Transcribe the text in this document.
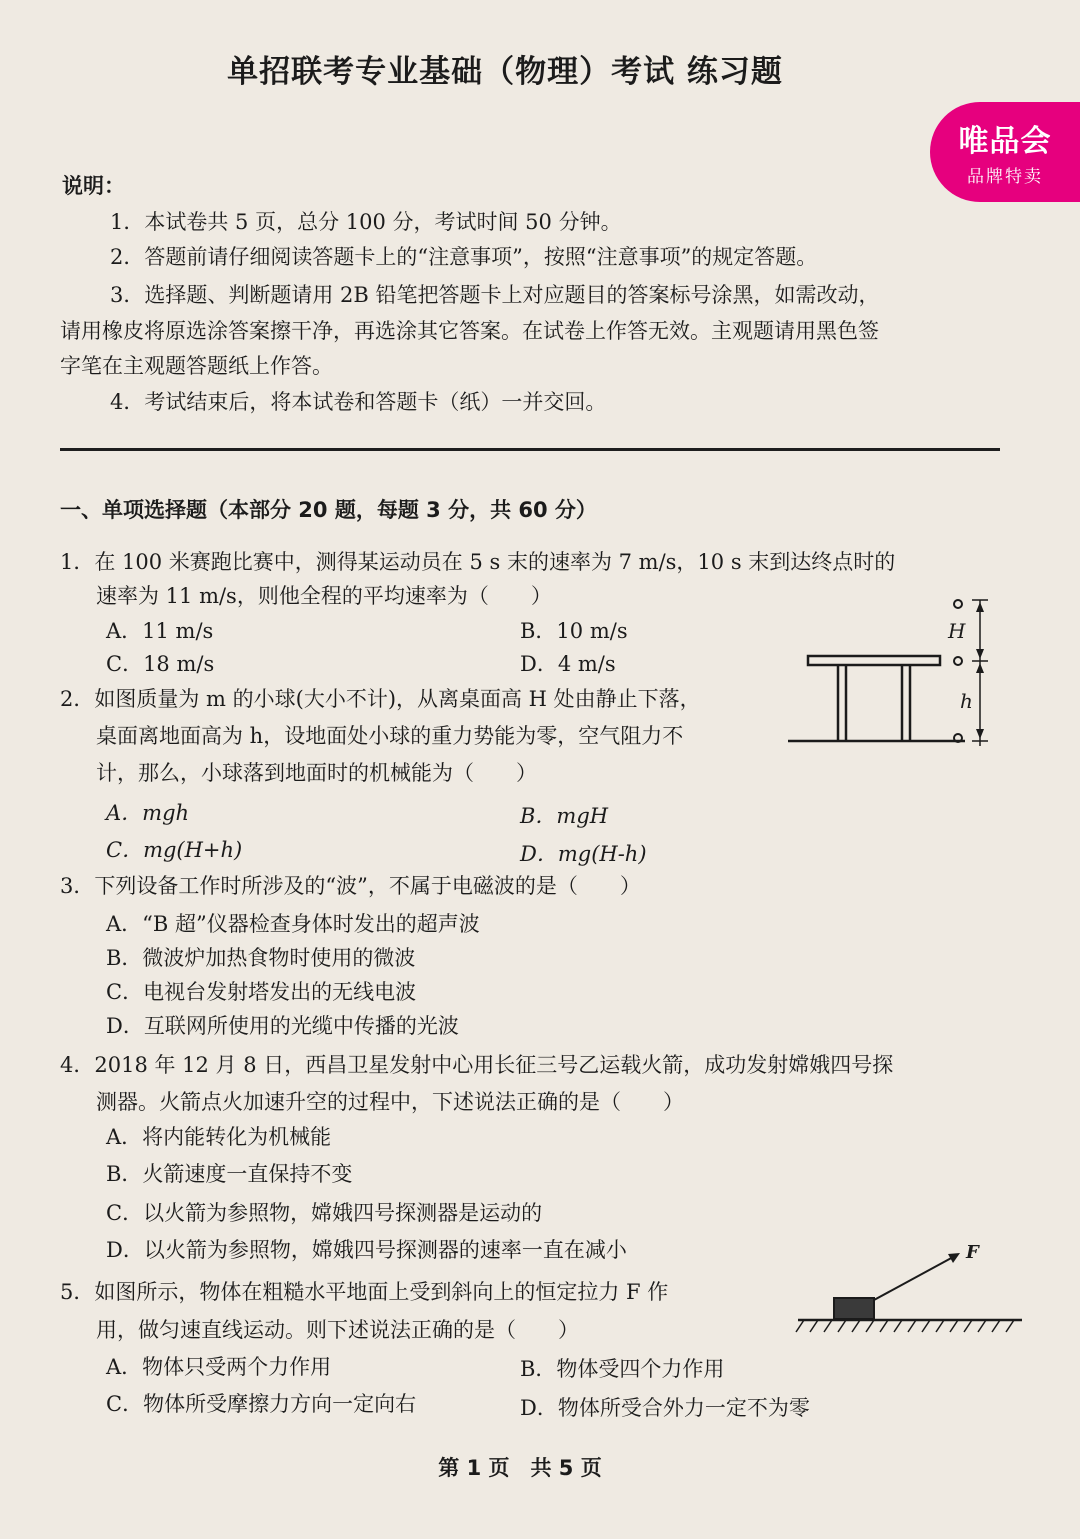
单招联考专业基础（物理）考试 练习题
唯品会
品牌特卖
说明：
1．本试卷共 5 页，总分 100 分，考试时间 50 分钟。
2．答题前请仔细阅读答题卡上的“注意事项”，按照“注意事项”的规定答题。
3．选择题、判断题请用 2B 铅笔把答题卡上对应题目的答案标号涂黑，如需改动，
请用橡皮将原选涂答案擦干净，再选涂其它答案。在试卷上作答无效。主观题请用黑色签
字笔在主观题答题纸上作答。
4．考试结束后，将本试卷和答题卡（纸）一并交回。
一、单项选择题（本部分 20 题，每题 3 分，共 60 分）
1．在 100 米赛跑比赛中，测得某运动员在 5 s 末的速率为 7 m/s，10 s 末到达终点时的
速率为 11 m/s，则他全程的平均速率为（　　）
A．11 m/s	B．10 m/s
C．18 m/s	D．4 m/s
2．如图质量为 m 的小球(大小不计)，从离桌面高 H 处由静止下落，
桌面离地面高为 h，设地面处小球的重力势能为零，空气阻力不
计，那么，小球落到地面时的机械能为（　　）
A．mgh	B．mgH
C．mg(H+h)	D．mg(H-h)
H
h
3．下列设备工作时所涉及的“波”，不属于电磁波的是（　　）
A．“B 超”仪器检查身体时发出的超声波
B．微波炉加热食物时使用的微波
C．电视台发射塔发出的无线电波
D．互联网所使用的光缆中传播的光波
4．2018 年 12 月 8 日，西昌卫星发射中心用长征三号乙运载火箭，成功发射嫦娥四号探
测器。火箭点火加速升空的过程中，下述说法正确的是（　　）
A．将内能转化为机械能
B．火箭速度一直保持不变
C．以火箭为参照物，嫦娥四号探测器是运动的
D．以火箭为参照物，嫦娥四号探测器的速率一直在减小
5．如图所示，物体在粗糙水平地面上受到斜向上的恒定拉力 F 作
用，做匀速直线运动。则下述说法正确的是（　　）
A．物体只受两个力作用	B．物体受四个力作用
C．物体所受摩擦力方向一定向右	D．物体所受合外力一定不为零
F
第 1 页　共 5 页
